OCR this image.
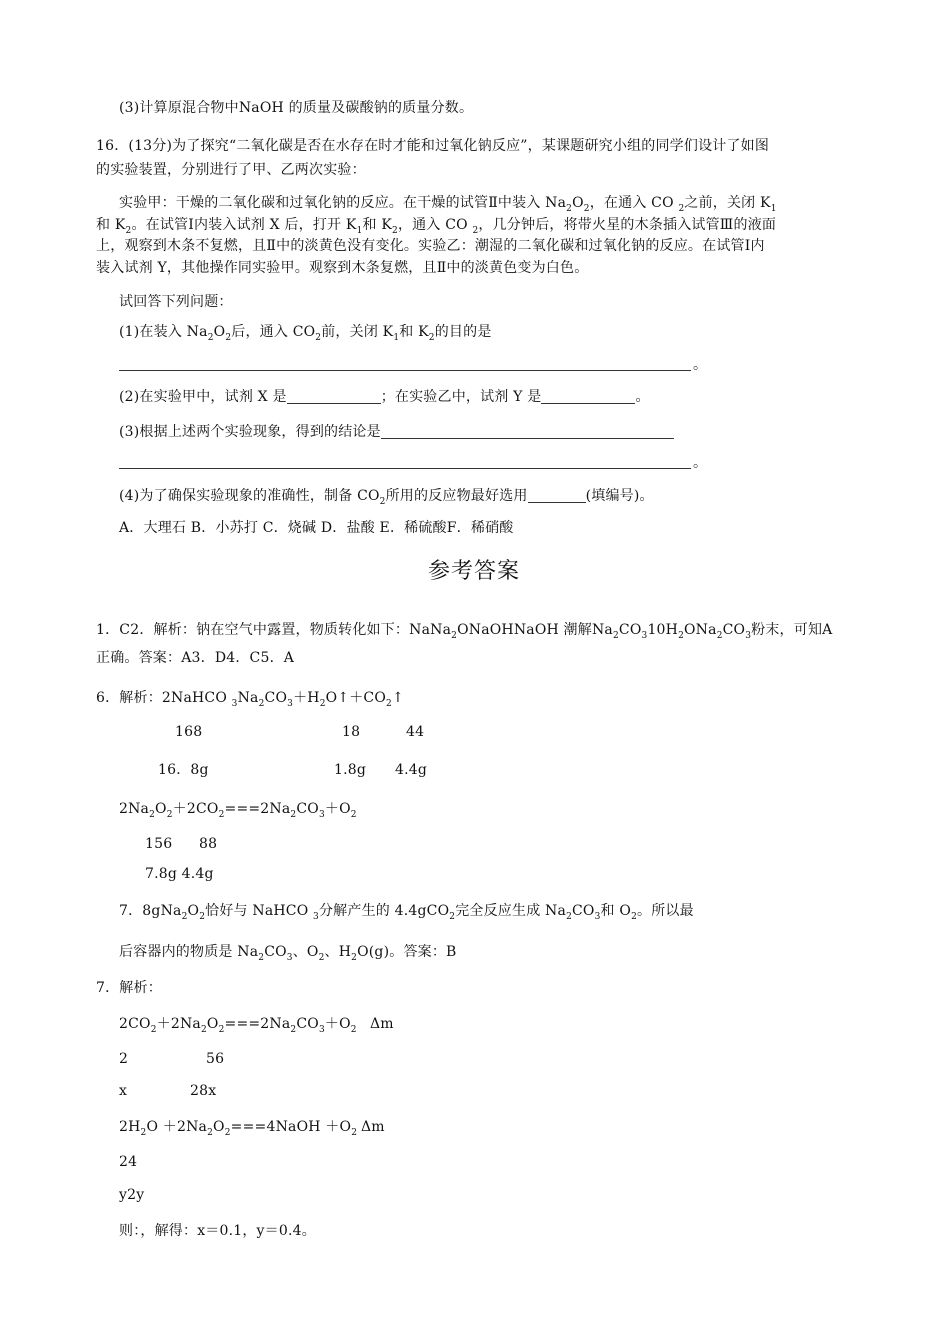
(3)计算原混合物中NaOH 的质量及碳酸钠的质量分数。
16．(13分)为了探究“二氧化碳是否在水存在时才能和过氧化钠反应”，某课题研究小组的同学们设计了如图
的实验装置，分别进行了甲、乙两次实验：
实验甲：干燥的二氧化碳和过氧化钠的反应。在干燥的试管Ⅱ中装入 $Na_2O_2$，在通入 CO $_2$之前，关闭 $K_1$
和 $K_2$。在试管Ⅰ内装入试剂 X 后，打开 $K_1$和 $K_2$，通入 CO $_2$，几分钟后，将带火星的木条插入试管Ⅲ的液面
上，观察到木条不复燃，且Ⅱ中的淡黄色没有变化。实验乙：潮湿的二氧化碳和过氧化钠的反应。在试管Ⅰ内
装入试剂 Y，其他操作同实验甲。观察到木条复燃，且Ⅱ中的淡黄色变为白色。
试回答下列问题：
(1)在装入 $Na_2O_2$后，通入 $CO_2$前，关闭 $K_1$和 $K_2$的目的是
。
(2)在实验甲中，试剂 X 是	；在实验乙中，试剂 Y 是	。
(3)根据上述两个实验现象，得到的结论是
。
(4)为了确保实验现象的准确性，制备 $CO_2$所用的反应物最好选用	(填编号)。
A．大理石 B．小苏打 C．烧碱 D．盐酸 E．稀硫酸F．稀硝酸
参考答案
1．C2．解析：钠在空气中露置，物质转化如下：NaNa$_2$ONaOHNaOH 潮解$Na_2CO_310H_2ONa_2CO_3$粉末，可知A
正确。答案：A3．D4．C5．A
6．解析：2NaHCO $_3Na_2CO_3+H_2O↑+CO_2↑$
168	18	44
16．8g	1.8g 4.4g
$2Na_2O_2+2CO_2===2Na_2CO_3+O_2$
156 88
7.8g 4.4g
7．$8gNa_2O_2$恰好与 NaHCO $_3$分解产生的 4.4gCO$_2$完全反应生成 $Na_2CO_3$和 $O_2$。所以最
后容器内的物质是 $Na_2CO_3$、$O_2$、$H_2O(g)$。答案：B
7．解析：
$2CO_2+2Na_2O_2===2Na_2CO_3+O_2$ Δm
2	56
x	28x
$2H_2O$ $+2Na_2O_2===4NaOH +O_2$ Δm
24
y2y
则：，解得：x＝0.1，y＝0.4。
